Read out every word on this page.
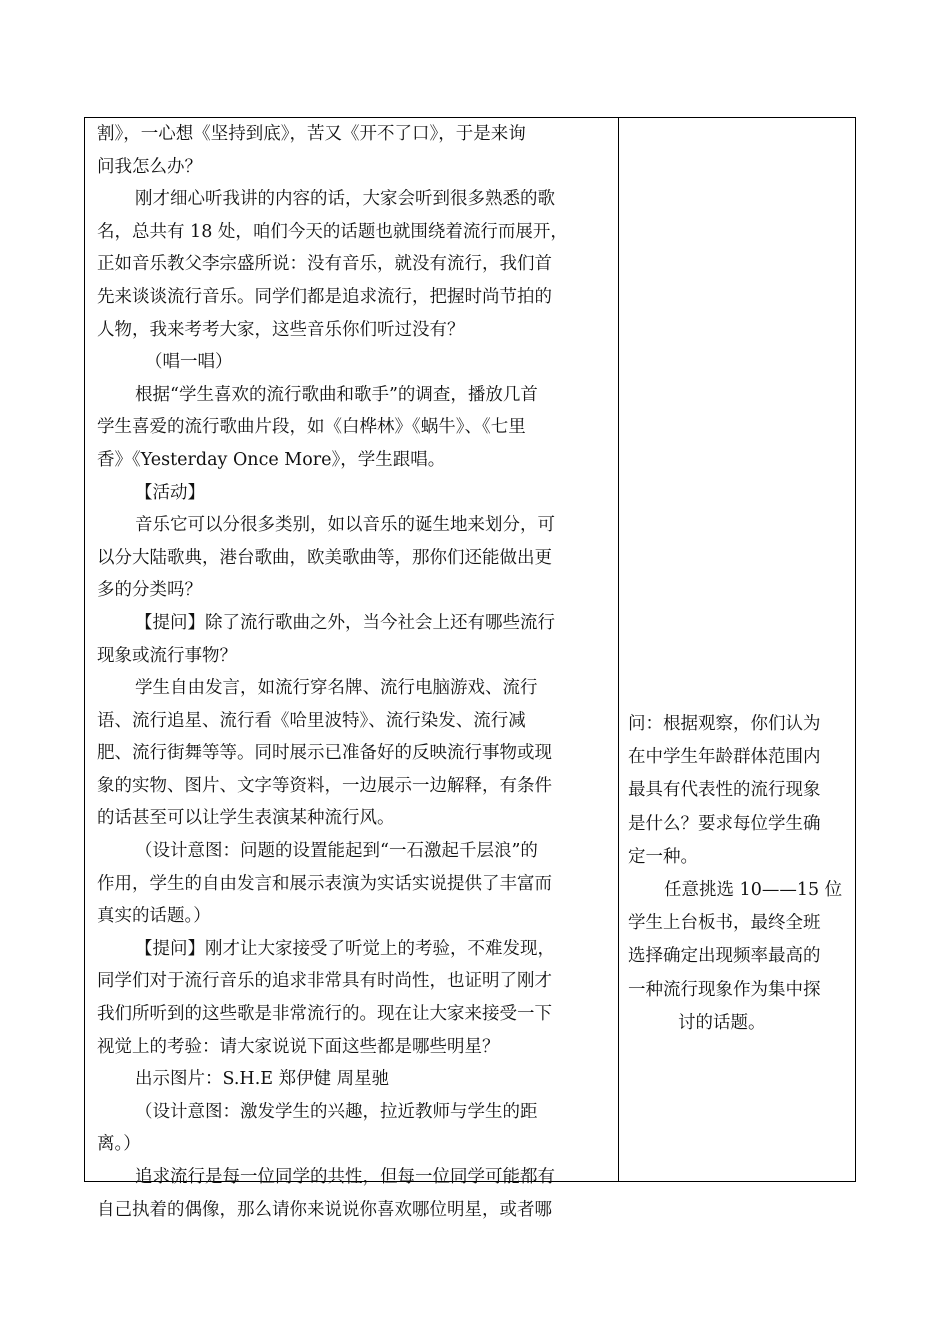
割》，一心想《坚持到底》，苦又《开不了口》，于是来询
问我怎么办？
刚才细心听我讲的内容的话，大家会听到很多熟悉的歌
名，总共有 18 处，咱们今天的话题也就围绕着流行而展开，
正如音乐教父李宗盛所说：没有音乐，就没有流行，我们首
先来谈谈流行音乐。同学们都是追求流行，把握时尚节拍的
人物，我来考考大家，这些音乐你们听过没有？
（唱一唱）
根据“学生喜欢的流行歌曲和歌手”的调查，播放几首
学生喜爱的流行歌曲片段，如《白桦林》《蜗牛》、《七里
香》《Yesterday Once More》，学生跟唱。
【活动】
音乐它可以分很多类别，如以音乐的诞生地来划分，可
以分大陆歌典，港台歌曲，欧美歌曲等，那你们还能做出更
多的分类吗？
【提问】除了流行歌曲之外，当今社会上还有哪些流行
现象或流行事物？
学生自由发言，如流行穿名牌、流行电脑游戏、流行
语、流行追星、流行看《哈里波特》、流行染发、流行减
肥、流行街舞等等。同时展示已准备好的反映流行事物或现
象的实物、图片、文字等资料，一边展示一边解释，有条件
的话甚至可以让学生表演某种流行风。
（设计意图：问题的设置能起到“一石激起千层浪”的
作用，学生的自由发言和展示表演为实话实说提供了丰富而
真实的话题。）
【提问】刚才让大家接受了听觉上的考验，不难发现，
同学们对于流行音乐的追求非常具有时尚性，也证明了刚才
我们所听到的这些歌是非常流行的。现在让大家来接受一下
视觉上的考验：请大家说说下面这些都是哪些明星？
出示图片：S.H.E 郑伊健 周星驰
（设计意图：激发学生的兴趣，拉近教师与学生的距
离。）
追求流行是每一位同学的共性，但每一位同学可能都有
自己执着的偶像，那么请你来说说你喜欢哪位明星，或者哪
问：根据观察，你们认为
在中学生年龄群体范围内
最具有代表性的流行现象
是什么？要求每位学生确
定一种。
任意挑选 10——15 位
学生上台板书，最终全班
选择确定出现频率最高的
一种流行现象作为集中探
讨的话题。
